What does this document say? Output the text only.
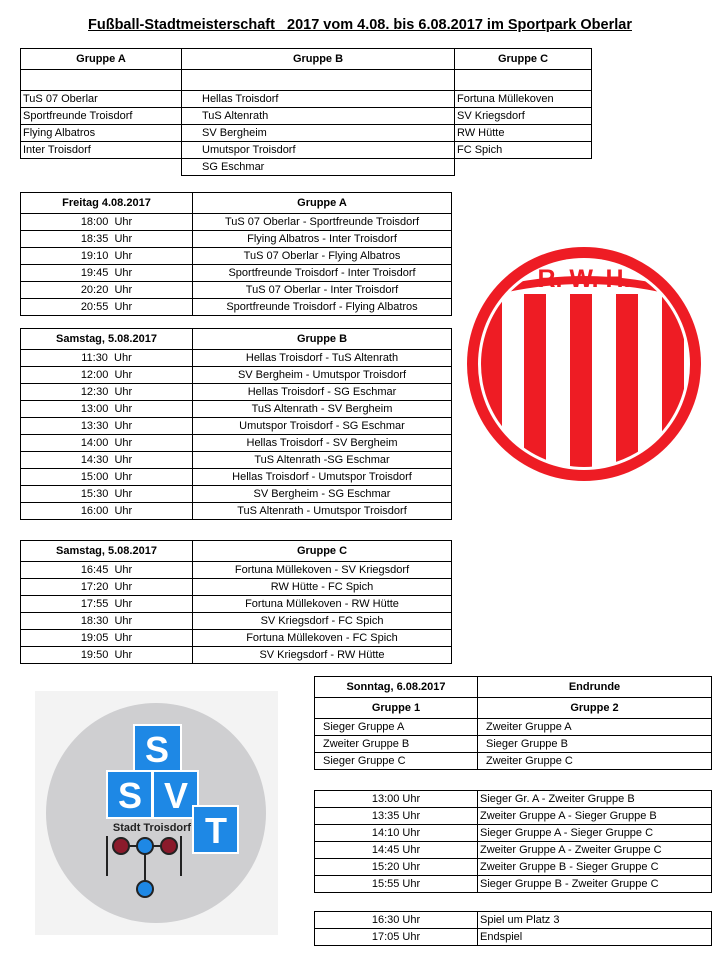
Fußball-Stadtmeisterschaft   2017 vom 4.08. bis 6.08.2017 im Sportpark Oberlar
Gruppe A	Gruppe B	Gruppe C

TuS 07 Oberlar	Hellas Troisdorf	Fortuna Müllekoven
Sportfreunde Troisdorf	TuS Altenrath	SV Kriegsdorf
Flying Albatros	SV Bergheim	RW Hütte
Inter Troisdorf	Umutspor Troisdorf	FC Spich
	SG Eschmar	
Freitag 4.08.2017	Gruppe A
18:00  Uhr	TuS 07 Oberlar - Sportfreunde Troisdorf
18:35  Uhr	Flying Albatros - Inter Troisdorf
19:10  Uhr	TuS 07 Oberlar - Flying Albatros
19:45  Uhr	Sportfreunde Troisdorf - Inter Troisdorf
20:20  Uhr	TuS 07 Oberlar - Inter Troisdorf
20:55  Uhr	Sportfreunde Troisdorf - Flying Albatros
Samstag, 5.08.2017	Gruppe B
11:30  Uhr	Hellas Troisdorf - TuS Altenrath
12:00  Uhr	SV Bergheim - Umutspor Troisdorf
12:30  Uhr	Hellas Troisdorf - SG Eschmar
13:00  Uhr	TuS Altenrath - SV Bergheim
13:30  Uhr	Umutspor Troisdorf - SG Eschmar
14:00  Uhr	Hellas Troisdorf - SV Bergheim
14:30  Uhr	TuS Altenrath -SG Eschmar
15:00  Uhr	Hellas Troisdorf - Umutspor Troisdorf
15:30  Uhr	SV Bergheim - SG Eschmar
16:00  Uhr	TuS Altenrath - Umutspor Troisdorf
Samstag, 5.08.2017	Gruppe C
16:45  Uhr	Fortuna Müllekoven - SV Kriegsdorf
17:20  Uhr	RW Hütte - FC Spich
17:55  Uhr	Fortuna Müllekoven - RW Hütte
18:30  Uhr	SV Kriegsdorf - FC Spich
19:05  Uhr	Fortuna Müllekoven - FC Spich
19:50  Uhr	SV Kriegsdorf - RW Hütte
Sonntag, 6.08.2017	Endrunde
Gruppe 1	Gruppe 2
Sieger Gruppe A	Zweiter Gruppe A
Zweiter Gruppe B	Sieger Gruppe B
Sieger Gruppe C	Zweiter Gruppe C
13:00 Uhr	Sieger Gr. A - Zweiter Gruppe B
13:35 Uhr	Zweiter Gruppe A - Sieger Gruppe B
14:10 Uhr	Sieger Gruppe A - Sieger Gruppe C
14:45 Uhr	Zweiter Gruppe A - Zweiter Gruppe C
15:20 Uhr	Zweiter Gruppe B - Sieger Gruppe C
15:55 Uhr	Sieger Gruppe B - Zweiter Gruppe C
16:30 Uhr	Spiel um Platz 3
17:05 Uhr	Endspiel
R. W. H.
S
S V
T
Stadt Troisdorf
